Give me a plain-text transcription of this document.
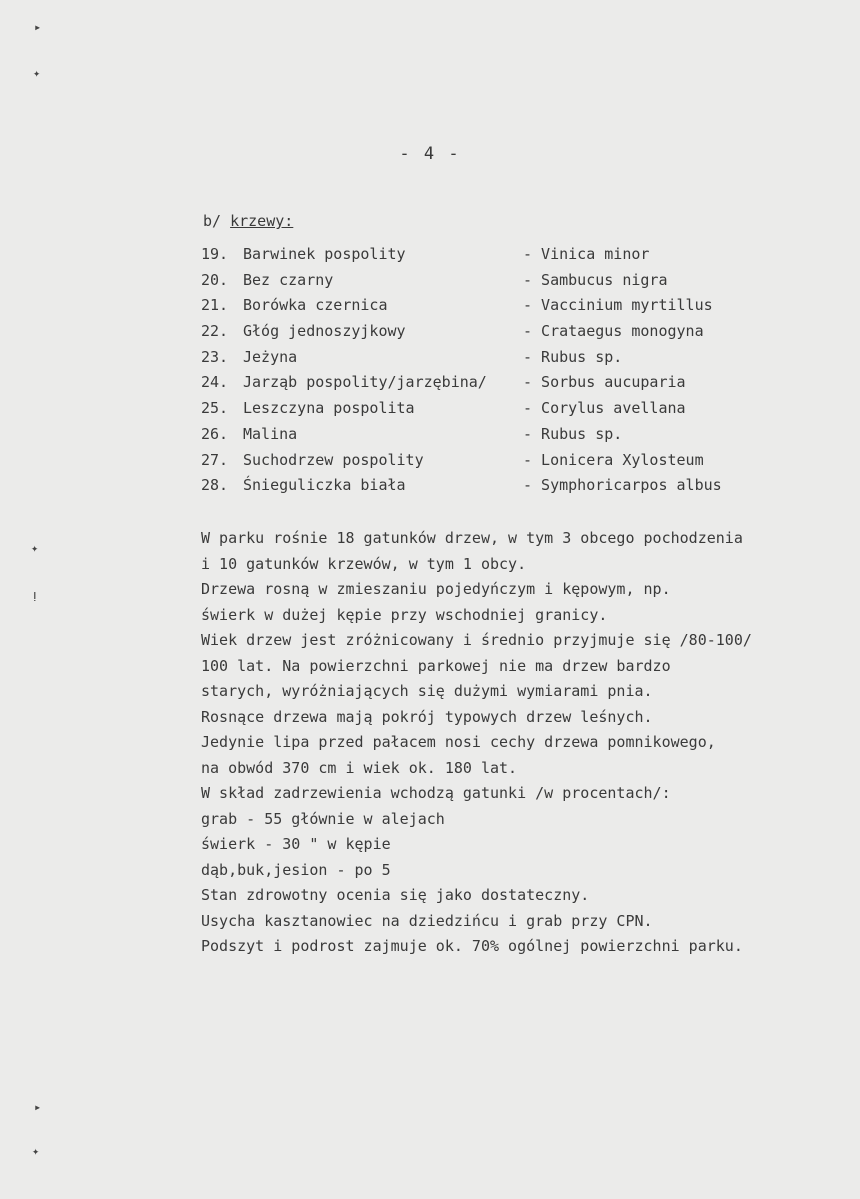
▸
✦
✦
ⵑ
▸
✦
- 4 -
b/ krzewy:
19. Barwinek pospolity	- Vinica minor
20. Bez czarny	- Sambucus nigra
21. Borówka czernica	- Vaccinium myrtillus
22. Głóg jednoszyjkowy	- Crataegus monogyna
23. Jeżyna	- Rubus sp.
24. Jarząb pospolity/jarzębina/ - Sorbus aucuparia
25. Leszczyna pospolita	- Corylus avellana
26. Malina	- Rubus sp.
27. Suchodrzew pospolity	- Lonicera Xylosteum
28. Śnieguliczka biała	- Symphoricarpos albus
W parku rośnie 18 gatunków drzew, w tym 3 obcego pochodzenia
i 10 gatunków krzewów, w tym 1 obcy.
Drzewa rosną w zmieszaniu pojedyńczym i kępowym, np.
świerk w dużej kępie przy wschodniej granicy.
Wiek drzew jest zróżnicowany i średnio przyjmuje się /80-100/
100 lat. Na powierzchni parkowej nie ma drzew bardzo
starych, wyróżniających się dużymi wymiarami pnia.
Rosnące drzewa mają pokrój typowych drzew leśnych.
Jedynie lipa przed pałacem nosi cechy drzewa pomnikowego,
na obwód 370 cm i wiek ok. 180 lat.
W skład zadrzewienia wchodzą gatunki /w procentach/:
grab - 55 głównie w alejach
świerk - 30 " w kępie
dąb,buk,jesion - po 5
Stan zdrowotny ocenia się jako dostateczny.
Usycha kasztanowiec na dziedzińcu i grab przy CPN.
Podszyt i podrost zajmuje ok. 70% ogólnej powierzchni parku.
